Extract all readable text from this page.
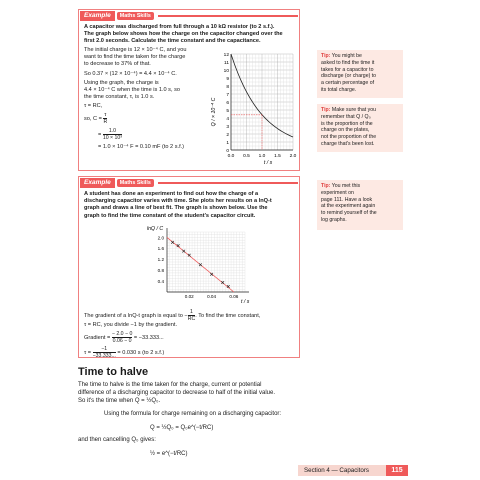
Example	Maths Skills
A capacitor was discharged from full through a 10 kΩ resistor (to 2 s.f.).
The graph below shows how the charge on the capacitor changed over the
first 2.0 seconds. Calculate the time constant and the capacitance.
The initial charge is 12 × 10⁻⁴ C, and you
want to find the time taken for the charge
to decrease to 37% of that.
So 0.37 × (12 × 10⁻⁴) = 4.4 × 10⁻⁴ C.
Using the graph, the charge is
4.4 × 10⁻⁴ C when the time is 1.0 s, so
the time constant, τ, is 1.0 s.
τ = RC,
so, $C = \frac{\tau}{R}$
= $\frac{1.0}{\text{10 × 10³}}$
= 1.0 × 10⁻⁴ F = 0.10 mF (to 2 s.f.)
0
1
2
3
4
5
6
7
8
9
10
11
12
0.0 0.5 1.0 1.5 2.0
Q / × 10⁻⁴ C
t / s
Tip: You might be
asked to find the time it
takes for a capacitor to
discharge (or charge) to
a certain percentage of
its total charge.
Tip: Make sure that you
remember that Q / Q₀
is the proportion of the
charge on the plates,
not the proportion of the
charge that's been lost.
Example	Maths Skills
A student has done an experiment to find out how the charge of a
discharging capacitor varies with time. She plots her results on a lnQ-t
graph and draws a line of best fit. The graph is shown below. Use the
graph to find the time constant of the student's capacitor circuit.
2.0
1.6
1.2
0.8
0.4
0.02	0.04	0.06
lnQ / C
t / s
The gradient of a lnQ-t graph is equal to − $\frac{1}{RC}$ . To find the time constant,
τ = RC, you divide −1 by the gradient.
Gradient = $\frac{- 2.0 - 0}{0.06 - 0} = -33.333$...
$\tau = \frac{-1}{-33.333...} = 0.030$ s (to 2 s.f.)
Tip: You met this
experiment on
page 111. Have a look
at the experiment again
to remind yourself of the
log graphs.
Time to halve
The time to halve is the time taken for the charge, current or potential
difference of a discharging capacitor to decrease to half of the initial value.
So it's the time when Q = ½Q₀.
Using the formula for charge remaining on a discharging capacitor:
Q = ½Q₀ = Q₀e^(−t/RC)
and then cancelling Q₀ gives:
½ = e^(−t/RC)
Section 4 — Capacitors	115
